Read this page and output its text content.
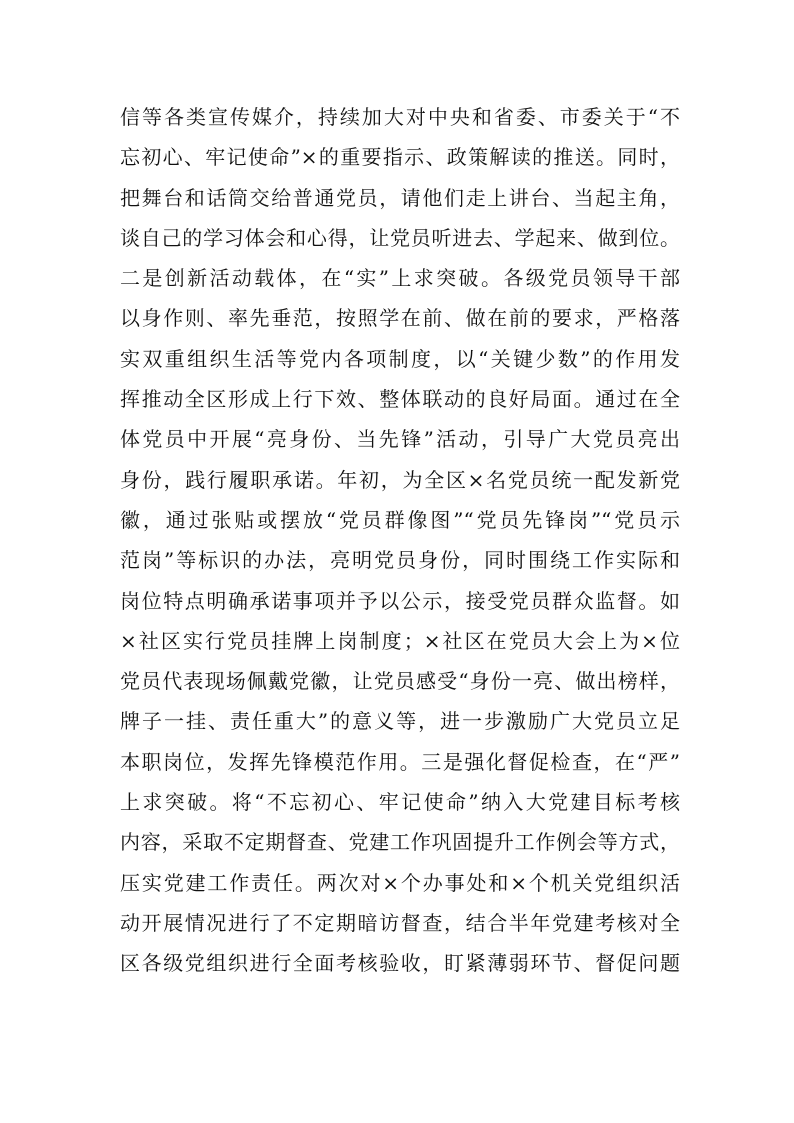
信等各类宣传媒介，持续加大对中央和省委、市委关于“不
忘初心、牢记使命”×的重要指示、政策解读的推送。同时，
把舞台和话筒交给普通党员，请他们走上讲台、当起主角，
谈自己的学习体会和心得，让党员听进去、学起来、做到位。
二是创新活动载体，在“实”上求突破。各级党员领导干部
以身作则、率先垂范，按照学在前、做在前的要求，严格落
实双重组织生活等党内各项制度，以“关键少数”的作用发
挥推动全区形成上行下效、整体联动的良好局面。通过在全
体党员中开展“亮身份、当先锋”活动，引导广大党员亮出
身份，践行履职承诺。年初，为全区×名党员统一配发新党
徽，通过张贴或摆放“党员群像图”“党员先锋岗”“党员示
范岗”等标识的办法，亮明党员身份，同时围绕工作实际和
岗位特点明确承诺事项并予以公示，接受党员群众监督。如
×社区实行党员挂牌上岗制度；×社区在党员大会上为×位
党员代表现场佩戴党徽，让党员感受“身份一亮、做出榜样，
牌子一挂、责任重大”的意义等，进一步激励广大党员立足
本职岗位，发挥先锋模范作用。三是强化督促检查，在“严”
上求突破。将“不忘初心、牢记使命”纳入大党建目标考核
内容，采取不定期督查、党建工作巩固提升工作例会等方式，
压实党建工作责任。两次对×个办事处和×个机关党组织活
动开展情况进行了不定期暗访督查，结合半年党建考核对全
区各级党组织进行全面考核验收，盯紧薄弱环节、督促问题
